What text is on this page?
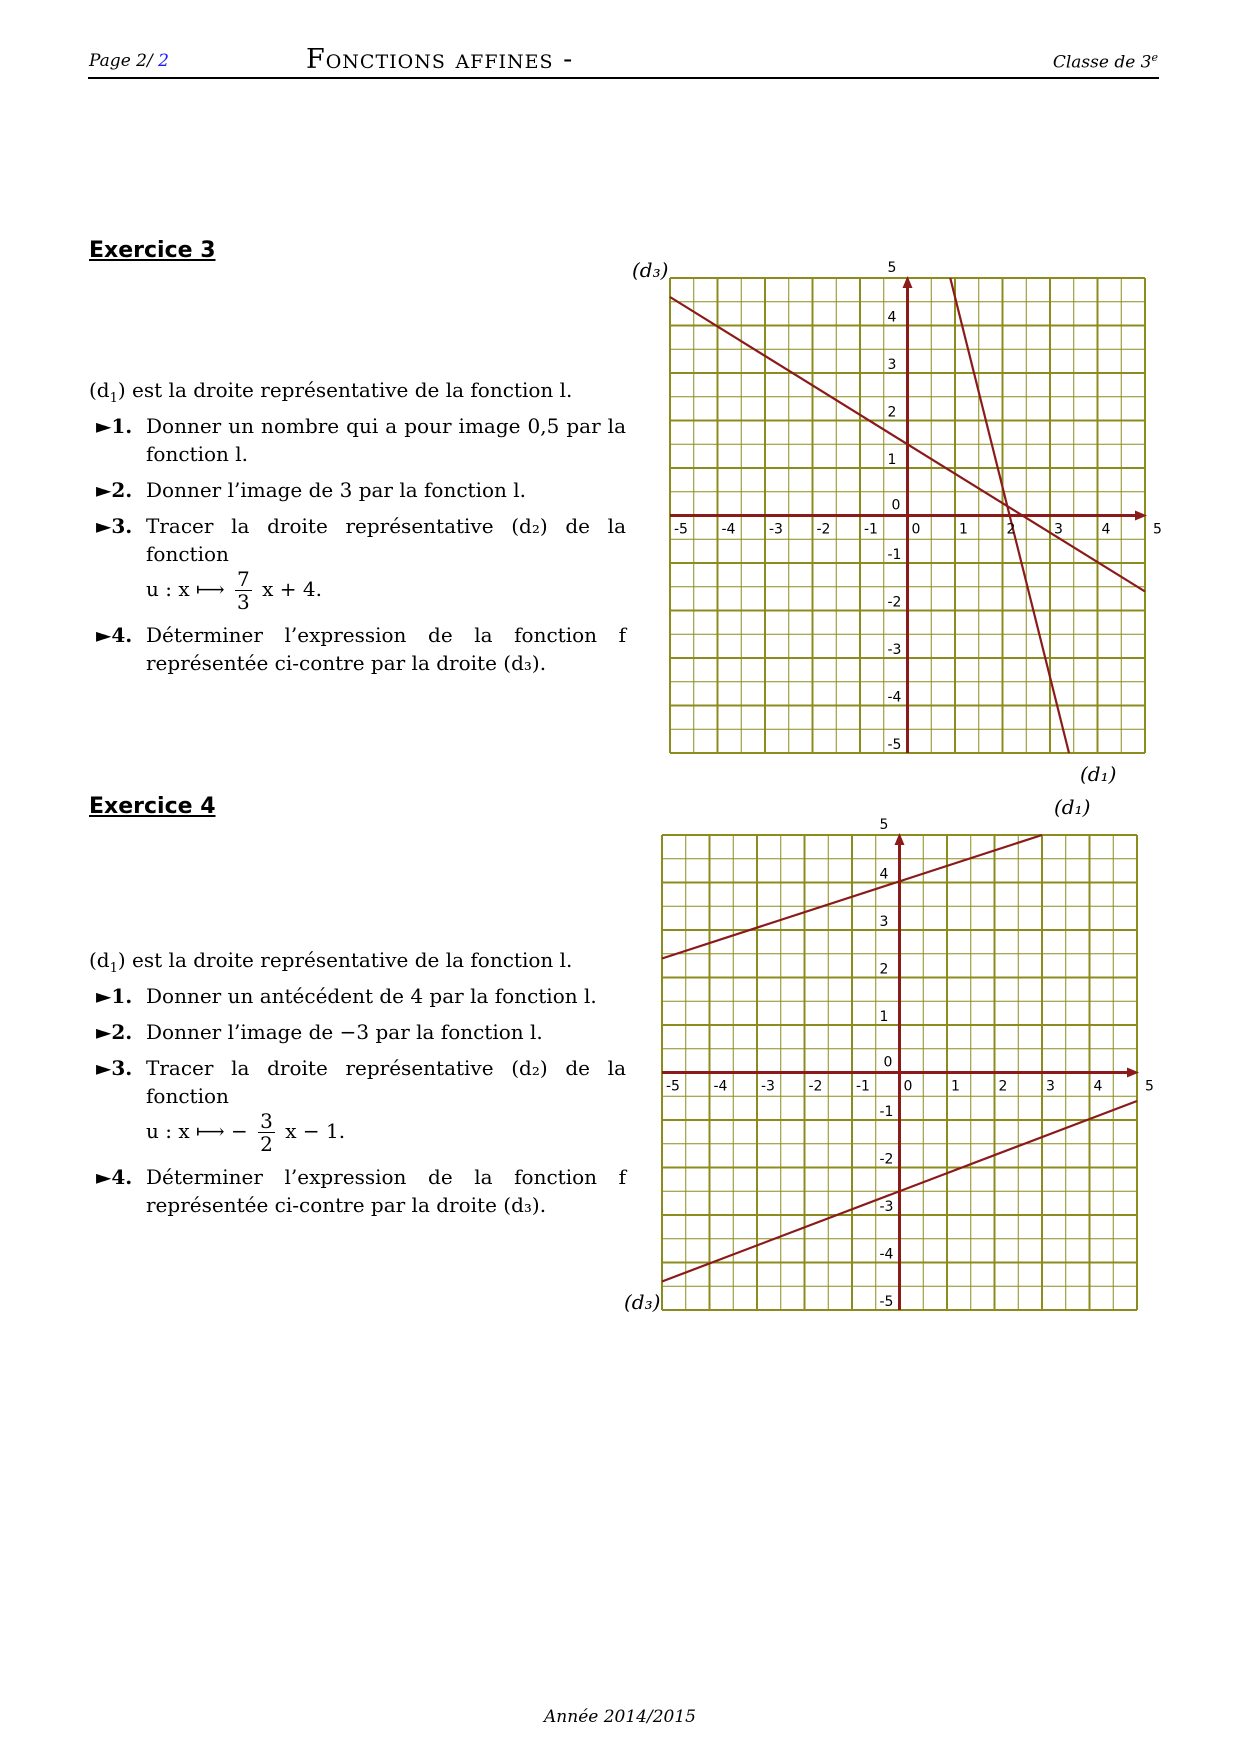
Page 2/ 2	Fonctions affines -	Classe de 3e
Exercice 3
$(d_1)$ est la droite représentative de la fonction l.
►1. Donner un nombre qui a pour image 0,5 par la fonction l.
►2. Donner l’image de 3 par la fonction l.
►3. Tracer la droite représentative (d₂) de la fonction
u : x ⟼ $\frac{7}{3}$ x + 4.
►4. Déterminer l’expression de la fonction f représentée ci-contre par la droite (d₃).
(d₃)
-5 -4 -3 -2 -1 0	1	2	3	4	5
-5
-4
-3
-2
-1
1
2
3
4
5
0
(d₁)
Exercice 4
$(d_1)$ est la droite représentative de la fonction l.
►1. Donner un antécédent de 4 par la fonction l.
►2. Donner l’image de −3 par la fonction l.
►3. Tracer la droite représentative (d₂) de la fonction
u : x ⟼ − $\frac{3}{2}$ x − 1.
►4. Déterminer l’expression de la fonction f représentée ci-contre par la droite (d₃).
(d₁)
-5 -4 -3 -2 -1 0	1	2	3	4	5
-5
-4
-3
-2
-1
1
2
3
4
5
0
(d₃)
Année 2014/2015
